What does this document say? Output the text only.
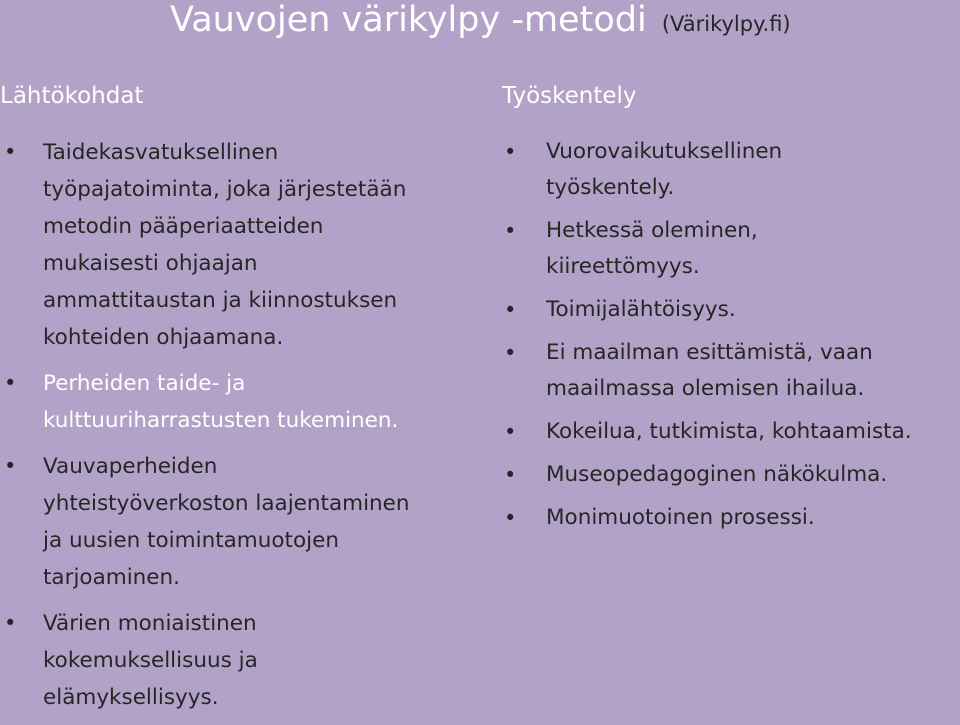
Vauvojen värikylpy -metodi (Värikylpy.fi)
Lähtökohdat
• Taidekasvatuksellinen
työpajatoiminta, joka järjestetään
metodin pääperiaatteiden
mukaisesti ohjaajan
ammattitaustan ja kiinnostuksen
kohteiden ohjaamana.
• Perheiden taide- ja
kulttuuriharrastusten tukeminen.
• Vauvaperheiden
yhteistyöverkoston laajentaminen
ja uusien toimintamuotojen
tarjoaminen.
• Värien moniaistinen
kokemuksellisuus ja
elämyksellisyys.
Työskentely
• Vuorovaikutuksellinen
työskentely.
• Hetkessä oleminen,
kiireettömyys.
• Toimijalähtöisyys.
• Ei maailman esittämistä, vaan
maailmassa olemisen ihailua.
• Kokeilua, tutkimista, kohtaamista.
• Museopedagoginen näkökulma.
• Monimuotoinen prosessi.
